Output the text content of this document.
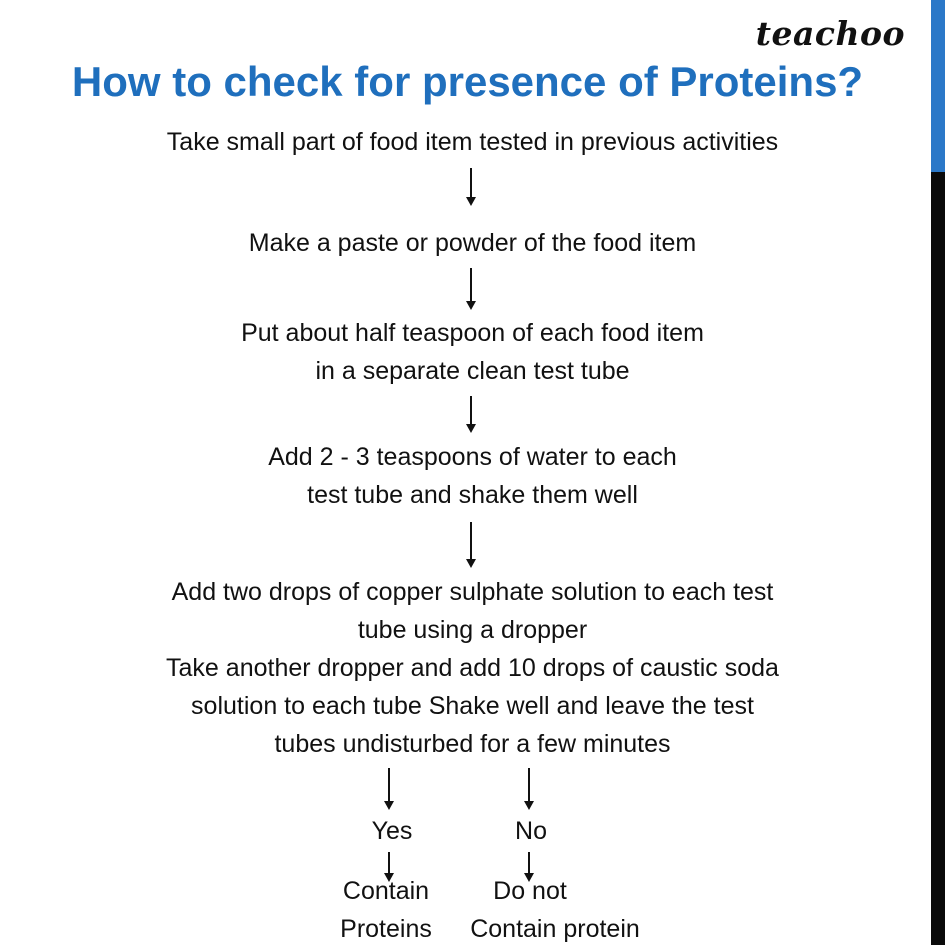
teachoo
How to check for presence of Proteins?
Take small part of food item tested in previous activities
Make a paste or powder of the food item
Put about half teaspoon of each food item
in a separate clean test tube
Add 2 - 3 teaspoons of water to each
test tube and shake them well
Add two drops of copper sulphate solution to each test
tube using a dropper
Take another dropper and add 10 drops of caustic soda
solution to each tube Shake well and leave the test
tubes undisturbed for a few minutes
Yes	No
Contain
Proteins
Do not
Contain protein
